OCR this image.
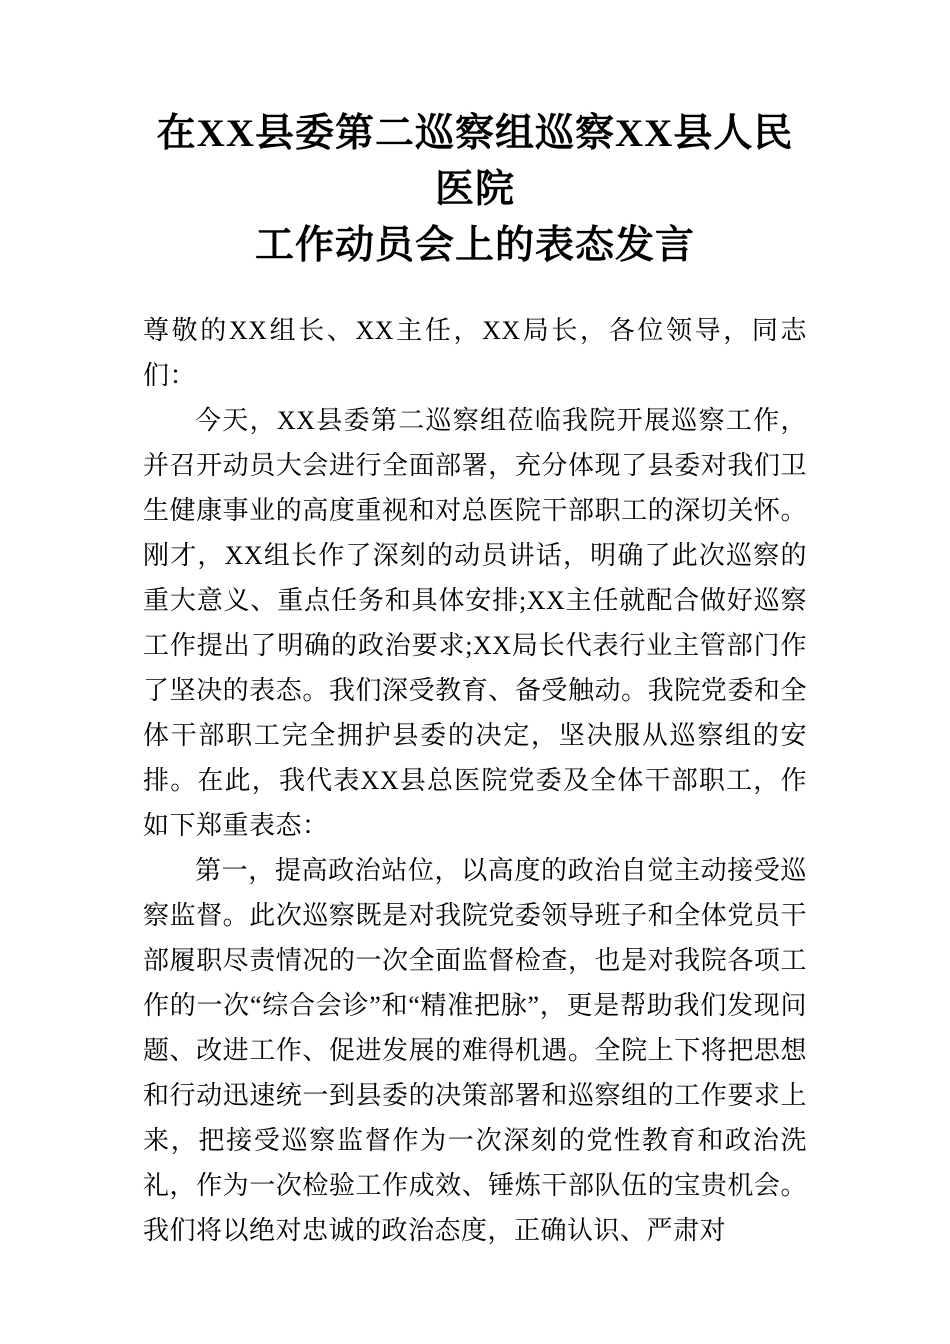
在XX县委第二巡察组巡察XX县人民医院
工作动员会上的表态发言

尊敬的XX组长、XX主任，XX局长，各位领导，同志们：

今天，XX县委第二巡察组莅临我院开展巡察工作，并召开动员大会进行全面部署，充分体现了县委对我们卫生健康事业的高度重视和对总医院干部职工的深切关怀。刚才，XX组长作了深刻的动员讲话，明确了此次巡察的重大意义、重点任务和具体安排;XX主任就配合做好巡察工作提出了明确的政治要求;XX局长代表行业主管部门作了坚决的表态。我们深受教育、备受触动。我院党委和全体干部职工完全拥护县委的决定，坚决服从巡察组的安排。在此，我代表XX县总医院党委及全体干部职工，作如下郑重表态：

第一，提高政治站位，以高度的政治自觉主动接受巡察监督。此次巡察既是对我院党委领导班子和全体党员干部履职尽责情况的一次全面监督检查，也是对我院各项工作的一次“综合会诊”和“精准把脉”，更是帮助我们发现问题、改进工作、促进发展的难得机遇。全院上下将把思想和行动迅速统一到县委的决策部署和巡察组的工作要求上来，把接受巡察监督作为一次深刻的党性教育和政治洗礼，作为一次检验工作成效、锤炼干部队伍的宝贵机会。我们将以绝对忠诚的政治态度，正确认识、严肃对
